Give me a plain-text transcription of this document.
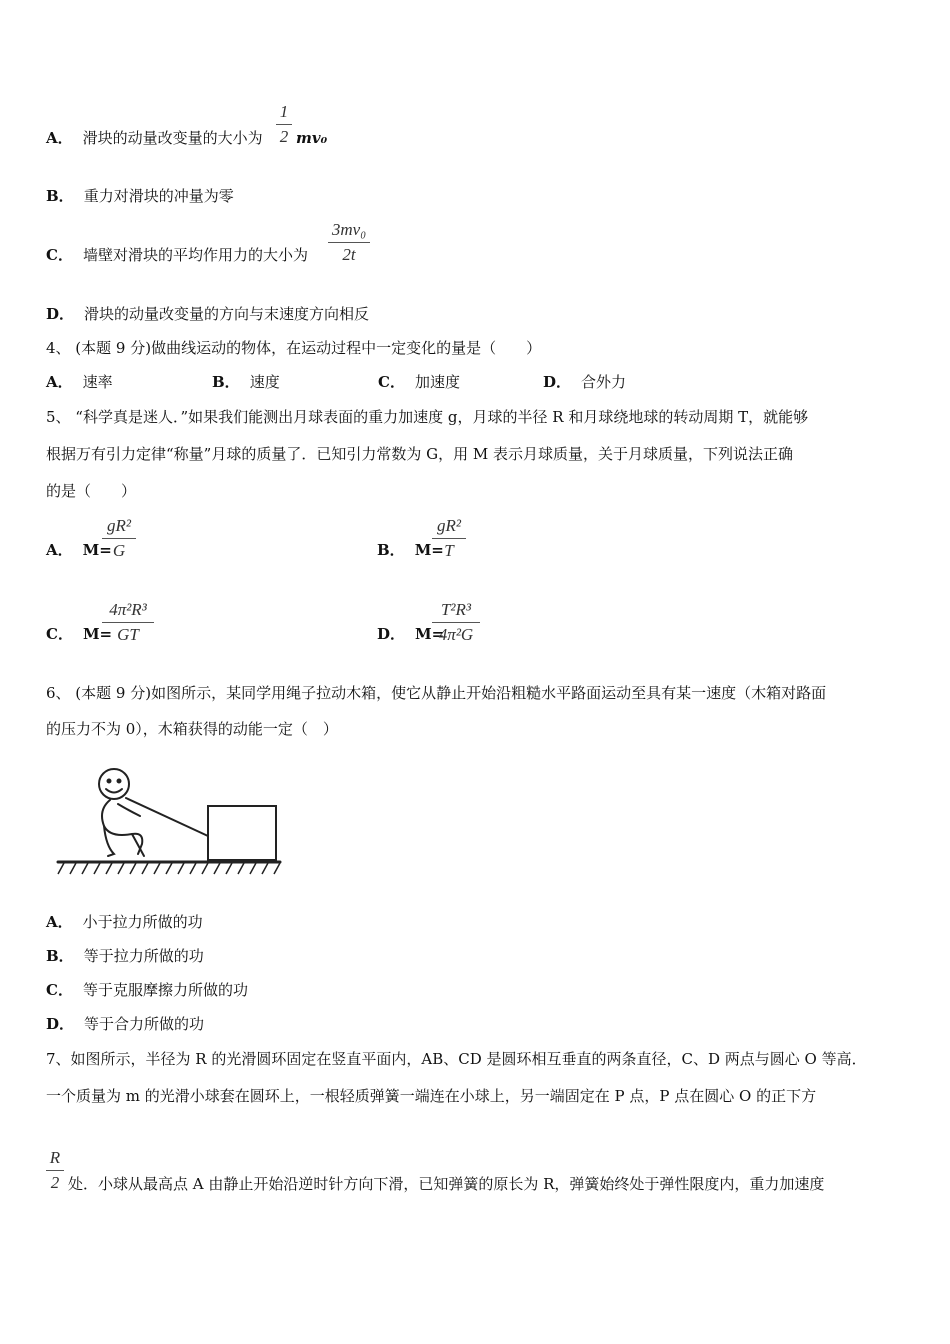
A． 滑块的动量改变量的大小为
1
2 mv₀
B． 重力对滑块的冲量为零
C． 墙壁对滑块的平均作用力的大小为
3mv₀
2t
D． 滑块的动量改变量的方向与末速度方向相反
4、 (本题 9 分)做曲线运动的物体，在运动过程中一定变化的量是（　　）
A． 速率	B． 速度	C． 加速度	D． 合外力
5、 “科学真是迷人．”如果我们能测出月球表面的重力加速度 g，月球的半径 R 和月球绕地球的转动周期 T，就能够
根据万有引力定律“称量”月球的质量了．已知引力常数为 G，用 M 表示月球质量，关于月球质量，下列说法正确
的是（　　）
A． M=
gR²
G	B． M=
gR²
T
C． M=
4π²R³
GT	D． M=
T²R³
4π²G
6、 (本题 9 分)如图所示，某同学用绳子拉动木箱，使它从静止开始沿粗糙水平路面运动至具有某一速度（木箱对路面
的压力不为 0），木箱获得的动能一定（　）
A． 小于拉力所做的功
B． 等于拉力所做的功
C． 等于克服摩擦力所做的功
D． 等于合力所做的功
7、如图所示，半径为 R 的光滑圆环固定在竖直平面内，AB、CD 是圆环相互垂直的两条直径，C、D 两点与圆心 O 等高．
一个质量为 m 的光滑小球套在圆环上，一根轻质弹簧一端连在小球上，另一端固定在 P 点，P 点在圆心 O 的正下方
R
2 处．小球从最高点 A 由静止开始沿逆时针方向下滑，已知弹簧的原长为 R，弹簧始终处于弹性限度内，重力加速度
